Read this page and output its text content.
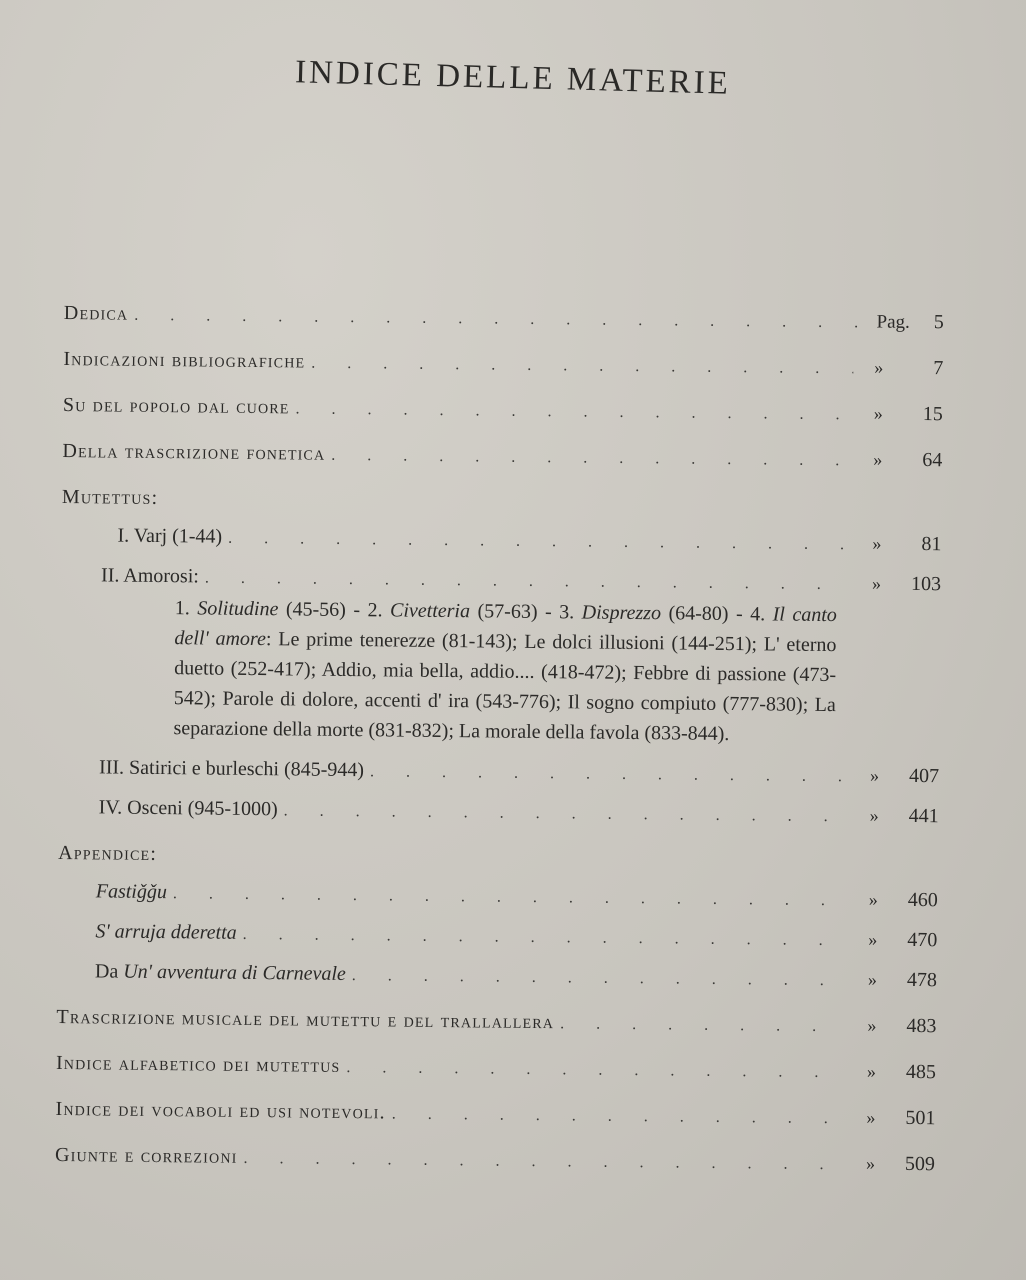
INDICE DELLE MATERIE
Dedica . . .	Pag.	5
Indicazioni bibliografiche . . .	»	7
Su del popolo dal cuore . . .	»	15
Della trascrizione fonetica . . .	»	64
Mutettus:
I. Varj (1-44) . . .	»	81
II. Amorosi: . . .	»	103
1. Solitudine (45-56) - 2. Civetteria (57-63) - 3. Disprezzo (64-80) - 4. Il canto dell' amore: Le prime tenerezze (81-143); Le dolci illusioni (144-251); L' eterno duetto (252-417); Addio, mia bella, addio.... (418-472); Febbre di passione (473-542); Parole di dolore, accenti d' ira (543-776); Il sogno compiuto (777-830); La separazione della morte (831-832); La morale della favola (833-844).
III. Satirici e burleschi (845-944) . . .	»	407
IV. Osceni (945-1000) . . .	»	441
Appendice:
Fastiǧǧu . . .	»	460
S' arruja dderetta . . .	»	470
Da Un' avventura di Carnevale . . .	»	478
Trascrizione musicale del mutettu e del trallallera . . .	»	483
Indice alfabetico dei mutettus . . .	»	485
Indice dei vocaboli ed usi notevoli. . . .	»	501
Giunte e correzioni . . .	»	509
